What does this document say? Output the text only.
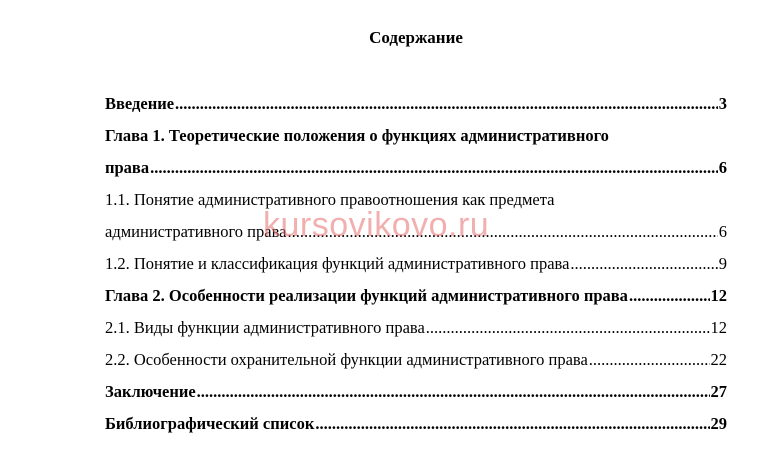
Содержание
Введение .....	3
Глава 1. Теоретические положения о функциях административного
права .....	6
1.1. Понятие административного правоотношения как предмета
административного права .....	6
1.2. Понятие и классификация функций административного права .....	9
Глава 2. Особенности реализации функций административного права .....	12
2.1. Виды функции административного права .....	12
2.2. Особенности охранительной функции административного права .....	22
Заключение .....	27
Библиографический список .....	29
kursovikovo.ru
